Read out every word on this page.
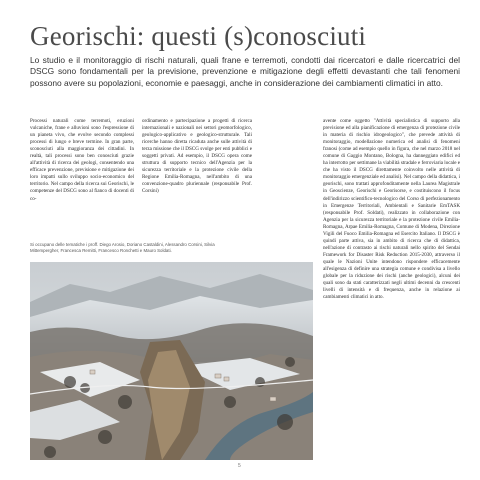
Georischi: questi (s)conosciuti
Lo studio e il monitoraggio di rischi naturali, quali frane e terremoti, condotti dai ricercatori e dalle ricercatrici del DSCG sono fondamentali per la previsione, prevenzione e mitigazione degli effetti devastanti che tali fenomeni possono avere su popolazioni, economie e paesaggi, anche in considerazione dei cambiamenti climatici in atto.
Processi naturali come terremoti, eruzioni vulcaniche, frane e alluvioni sono l'espressione di un pianeta vivo, che evolve secondo complessi processi di lungo e breve termine. In gran parte, sconosciuti alla maggioranza dei cittadini. In realtà, tali processi sono ben conosciuti grazie all'attività di ricerca dei geologi, consentendo una efficace prevenzione, previsione e mitigazione dei loro impatti sullo sviluppo socio-economico del territorio. Nel campo della ricerca sui Georischi, le competenze del DSCG sono al fianco di docenti di co-
ordinamento e partecipazione a progetti di ricerca internazionali e nazionali nei settori geomorfologico, geologico-applicativo e geologico-strutturale. Tali ricerche hanno diretta ricaduta anche sulle attività di terza missione che il DSCG svolge per enti pubblici e soggetti privati. Ad esempio, il DSCG opera come struttura di supporto tecnico dell'Agenzia per la sicurezza territoriale e la protezione civile della Regione Emilia-Romagna, nell'ambito di una convenzione-quadro pluriennale (responsabile Prof. Corsini)
avente come oggetto "Attività specialistica di supporto alla previsione ed alla pianificazione di emergenza di protezione civile in materia di rischio idrogeologico", che prevede attività di monitoraggio, modellazione numerica ed analisi di fenomeni franosi (come ad esempio quello in figura, che nel marzo 2018 nel comune di Gaggio Montano, Bologna, ha danneggiato edifici ed ha interrotto per settimane la viabilità stradale e ferroviaria locale e che ha visto il DSCG direttamente coinvolto nelle attività di monitoraggio emergenziale ed analisi). Nel campo della didattica, i georischi, sono trattati approfonditamente nella Laurea Magistrale in Geoscienze, Georischi e Georisorse, e costituiscono il focus dell'indirizzo scientifico-tecnologico del Corso di perfezionamento in Emergenze Territoriali, Ambientali e Sanitarie EmTASK (responsabile Prof. Soldati), realizzato in collaborazione con Agenzia per la sicurezza territoriale e la protezione civile Emilia-Romagna, Arpae Emilia-Romagna, Comune di Modena, Direzione Vigili del Fuoco Emilia-Romagna ed Esercito Italiano. Il DSCG è quindi parte attiva, sia in ambito di ricerca che di didattica, nell'azione di contrasto ai rischi naturali nello spirito del Sendai Framework for Disaster Risk Reduction 2015-2030, attraverso il quale le Nazioni Unite intendono rispondere efficacemente all'esigenza di definire una strategia comune e condivisa a livello globale per la riduzione dei rischi (anche geologici), alcuni dei quali sono da stati caratterizzati negli ultimi decenni da crescenti livelli di intensità e di frequenza, anche in relazione ai cambiamenti climatici in atto.
Si occupano delle tematiche i proff. Diego Arosio, Doriano Castaldini, Alessandro Corsini, Silvia Mittempergher, Francesca Remitti, Francesco Ronchetti e Mauro Soldati.
5
